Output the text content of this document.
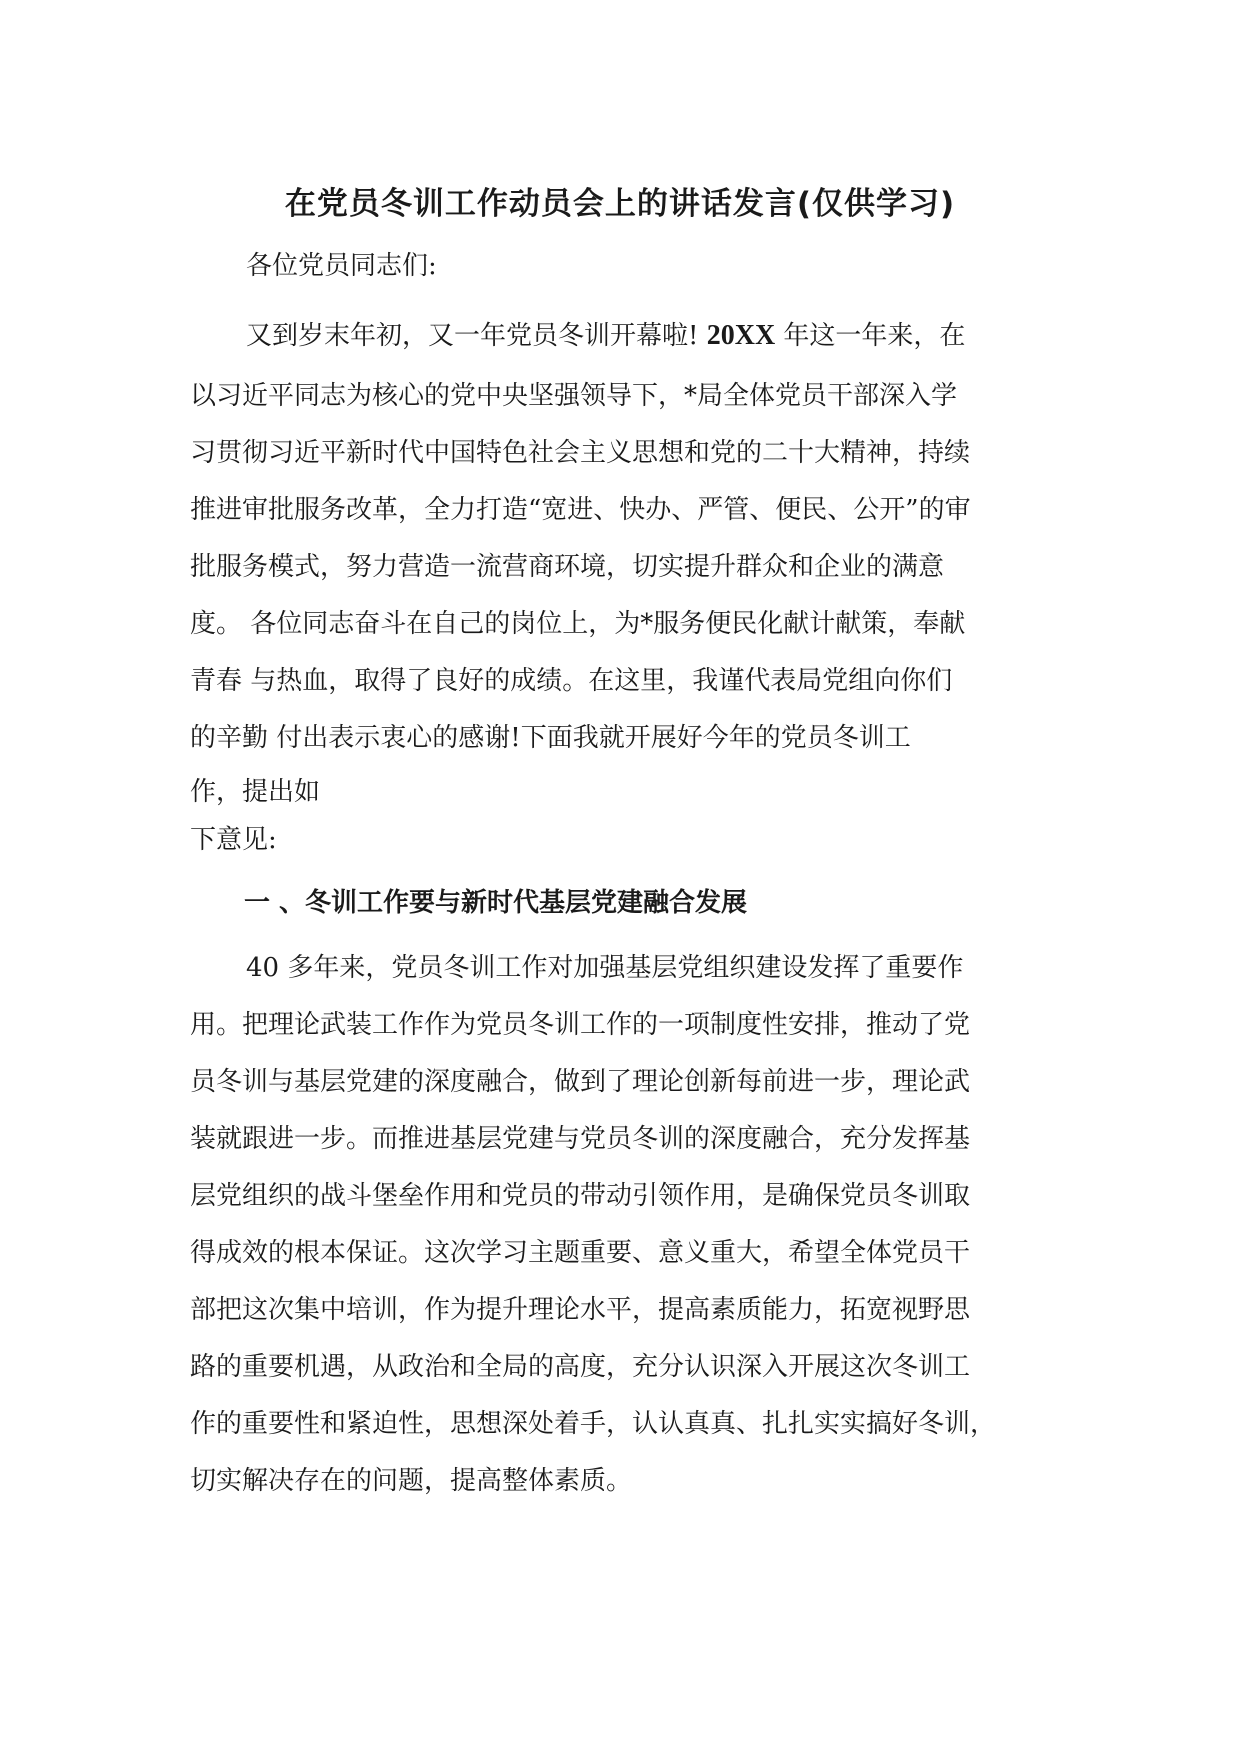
在党员冬训工作动员会上的讲话发言(仅供学习)
各位党员同志们:
又到岁末年初，又一年党员冬训开幕啦! 20XX 年这一年来，在
以习近平同志为核心的党中央坚强领导下，*局全体党员干部深入学
习贯彻习近平新时代中国特色社会主义思想和党的二十大精神，持续
推进审批服务改革，全力打造“宽进、快办、严管、便民、公开”的审
批服务模式，努力营造一流营商环境，切实提升群众和企业的满意
度。 各位同志奋斗在自己的岗位上，为*服务便民化献计献策，奉献
青春 与热血，取得了良好的成绩。在这里，我谨代表局党组向你们
的辛勤 付出表示衷心的感谢!下面我就开展好今年的党员冬训工
作，提出如
下意见:
一 、冬训工作要与新时代基层党建融合发展
40 多年来，党员冬训工作对加强基层党组织建设发挥了重要作
用。把理论武装工作作为党员冬训工作的一项制度性安排，推动了党
员冬训与基层党建的深度融合，做到了理论创新每前进一步，理论武
装就跟进一步。而推进基层党建与党员冬训的深度融合，充分发挥基
层党组织的战斗堡垒作用和党员的带动引领作用，是确保党员冬训取
得成效的根本保证。这次学习主题重要、意义重大，希望全体党员干
部把这次集中培训，作为提升理论水平，提高素质能力，拓宽视野思
路的重要机遇，从政治和全局的高度，充分认识深入开展这次冬训工
作的重要性和紧迫性，思想深处着手，认认真真、扎扎实实搞好冬训，
切实解决存在的问题，提高整体素质。
